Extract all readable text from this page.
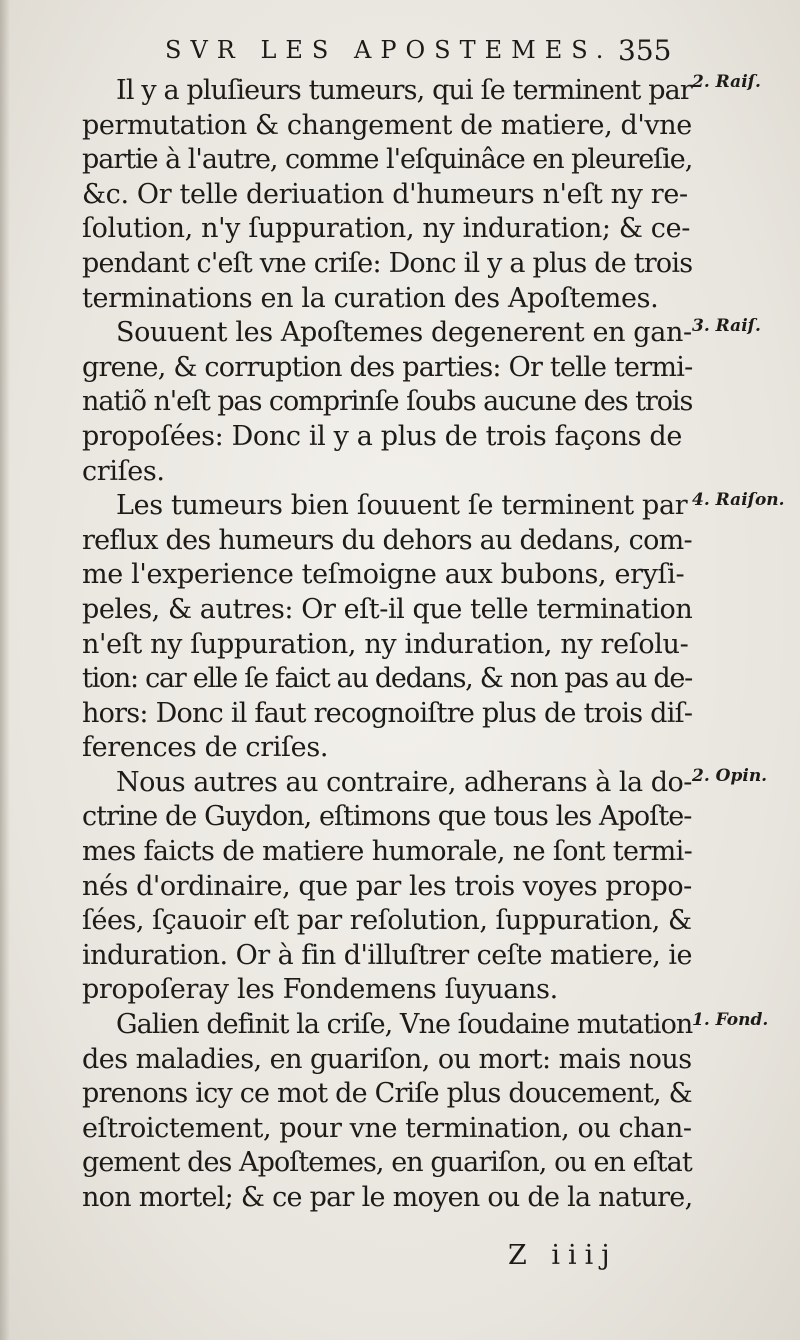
SVR LES APOSTEMES. 355
Il y a pluſieurs tumeurs, qui ſe terminent par
permutation & changement de matiere, d'vne
partie à l'autre, comme l'eſquinâce en pleureſie,
&c. Or telle deriuation d'humeurs n'eſt ny re-
ſolution, n'y ſuppuration, ny induration; & ce-
pendant c'eſt vne criſe: Donc il y a plus de trois
terminations en la curation des Apoſtemes.
Souuent les Apoſtemes degenerent en gan-
grene, & corruption des parties: Or telle termi-
natiõ n'eſt pas comprinſe ſoubs aucune des trois
propoſées: Donc il y a plus de trois façons de
criſes.
Les tumeurs bien ſouuent ſe terminent par
reflux des humeurs du dehors au dedans, com-
me l'experience teſmoigne aux bubons, eryſi-
peles, & autres: Or eſt-il que telle termination
n'eſt ny ſuppuration, ny induration, ny reſolu-
tion: car elle ſe faict au dedans, & non pas au de-
hors: Donc il faut recognoiſtre plus de trois diſ-
ferences de criſes.
Nous autres au contraire, adherans à la do-
ctrine de Guydon, eſtimons que tous les Apoſte-
mes faicts de matiere humorale, ne ſont termi-
nés d'ordinaire, que par les trois voyes propo-
ſées, ſçauoir eſt par reſolution, ſuppuration, &
induration. Or à fin d'illuſtrer ceſte matiere, ie
propoſeray les Fondemens ſuyuans.
Galien definit la criſe, Vne ſoudaine mutation
des maladies, en guariſon, ou mort: mais nous
prenons icy ce mot de Criſe plus doucement, &
eſtroictement, pour vne termination, ou chan-
gement des Apoſtemes, en guariſon, ou en eſtat
non mortel; & ce par le moyen ou de la nature,
2. Raiſ.
3. Raiſ.
4. Raiſon.
2. Opin.
1. Fond.
Z iiij
